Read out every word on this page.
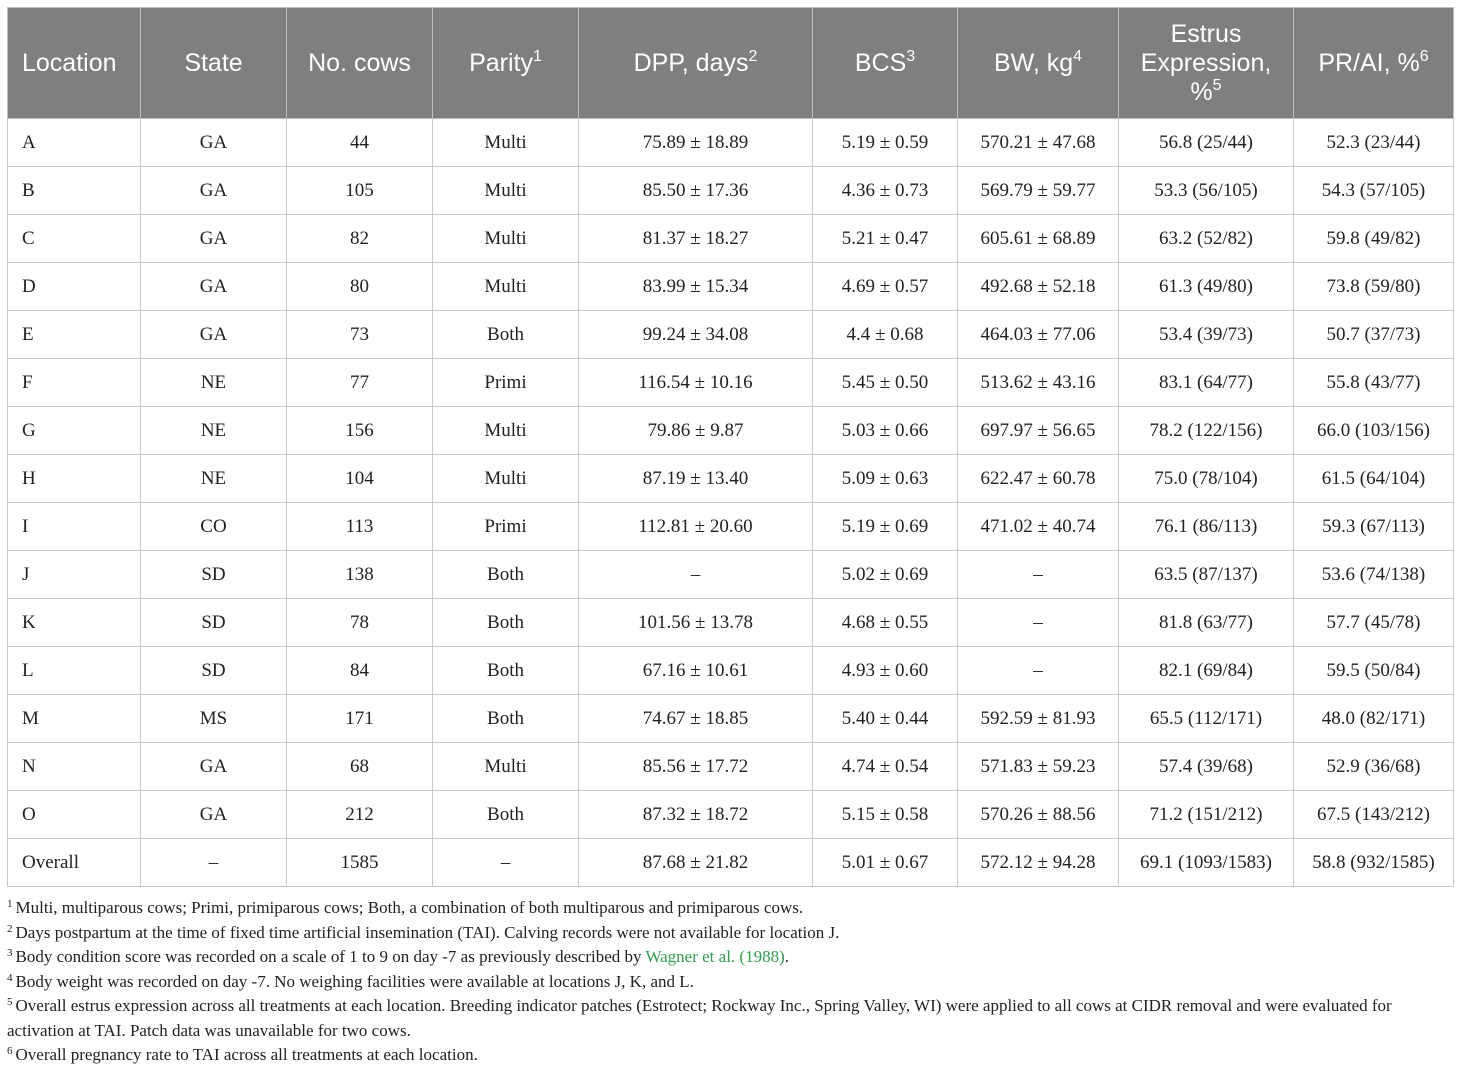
Location	State	No. cows	Parity$^1$	DPP, days$^2$	BCS$^3$	BW, $kg^4$	Estrus Expression, %$^5$	PR/AI, %$^6$
A	GA	44	Multi	75.89 ± 18.89	5.19 ± 0.59	570.21 ± 47.68	56.8 (25/44)	52.3 (23/44)
B	GA	105	Multi	85.50 ± 17.36	4.36 ± 0.73	569.79 ± 59.77	53.3 (56/105)	54.3 (57/105)
C	GA	82	Multi	81.37 ± 18.27	5.21 ± 0.47	605.61 ± 68.89	63.2 (52/82)	59.8 (49/82)
D	GA	80	Multi	83.99 ± 15.34	4.69 ± 0.57	492.68 ± 52.18	61.3 (49/80)	73.8 (59/80)
E	GA	73	Both	99.24 ± 34.08	4.4 ± 0.68	464.03 ± 77.06	53.4 (39/73)	50.7 (37/73)
F	NE	77	Primi	116.54 ± 10.16	5.45 ± 0.50	513.62 ± 43.16	83.1 (64/77)	55.8 (43/77)
G	NE	156	Multi	79.86 ± 9.87	5.03 ± 0.66	697.97 ± 56.65	78.2 (122/156)	66.0 (103/156)
H	NE	104	Multi	87.19 ± 13.40	5.09 ± 0.63	622.47 ± 60.78	75.0 (78/104)	61.5 (64/104)
I	CO	113	Primi	112.81 ± 20.60	5.19 ± 0.69	471.02 ± 40.74	76.1 (86/113)	59.3 (67/113)
J	SD	138	Both	–	5.02 ± 0.69	–	63.5 (87/137)	53.6 (74/138)
K	SD	78	Both	101.56 ± 13.78	4.68 ± 0.55	–	81.8 (63/77)	57.7 (45/78)
L	SD	84	Both	67.16 ± 10.61	4.93 ± 0.60	–	82.1 (69/84)	59.5 (50/84)
M	MS	171	Both	74.67 ± 18.85	5.40 ± 0.44	592.59 ± 81.93	65.5 (112/171)	48.0 (82/171)
N	GA	68	Multi	85.56 ± 17.72	4.74 ± 0.54	571.83 ± 59.23	57.4 (39/68)	52.9 (36/68)
O	GA	212	Both	87.32 ± 18.72	5.15 ± 0.58	570.26 ± 88.56	71.2 (151/212)	67.5 (143/212)
Overall	–	1585	–	87.68 ± 21.82	5.01 ± 0.67	572.12 ± 94.28	69.1 (1093/1583)	58.8 (932/1585)
$^1$ Multi, multiparous cows; Primi, primiparous cows; Both, a combination of both multiparous and primiparous cows.
$^2$ Days postpartum at the time of fixed time artificial insemination (TAI). Calving records were not available for location J.
$^3$ Body condition score was recorded on a scale of 1 to 9 on day -7 as previously described by Wagner et al. (1988).
$^4$ Body weight was recorded on day -7. No weighing facilities were available at locations J, K, and L.
$^5$ Overall estrus expression across all treatments at each location. Breeding indicator patches (Estrotect; Rockway Inc., Spring Valley, WI) were applied to all cows at CIDR removal and were evaluated for activation at TAI. Patch data was unavailable for two cows.
$^6$ Overall pregnancy rate to TAI across all treatments at each location.
